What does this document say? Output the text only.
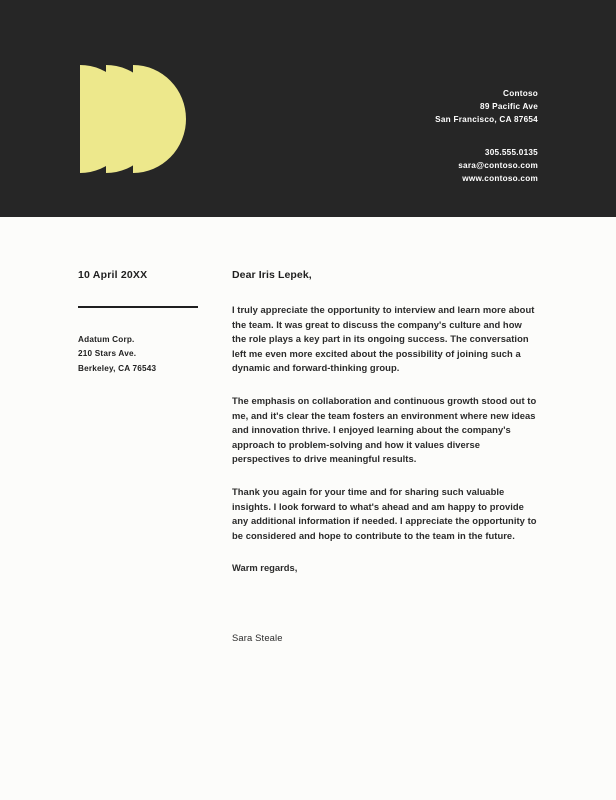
Contoso
89 Pacific Ave
San Francisco, CA 87654
305.555.0135
sara@contoso.com
www.contoso.com

10 April 20XX

Adatum Corp.
210 Stars Ave.
Berkeley, CA 76543

Dear Iris Lepek,

I truly appreciate the opportunity to interview and learn more about the team. It was great to discuss the company's culture and how the role plays a key part in its ongoing success. The conversation left me even more excited about the possibility of joining such a dynamic and forward-thinking group.

The emphasis on collaboration and continuous growth stood out to me, and it's clear the team fosters an environment where new ideas and innovation thrive. I enjoyed learning about the company's approach to problem-solving and how it values diverse perspectives to drive meaningful results.

Thank you again for your time and for sharing such valuable insights. I look forward to what's ahead and am happy to provide any additional information if needed. I appreciate the opportunity to be considered and hope to contribute to the team in the future.

Warm regards,

Sara Steale
